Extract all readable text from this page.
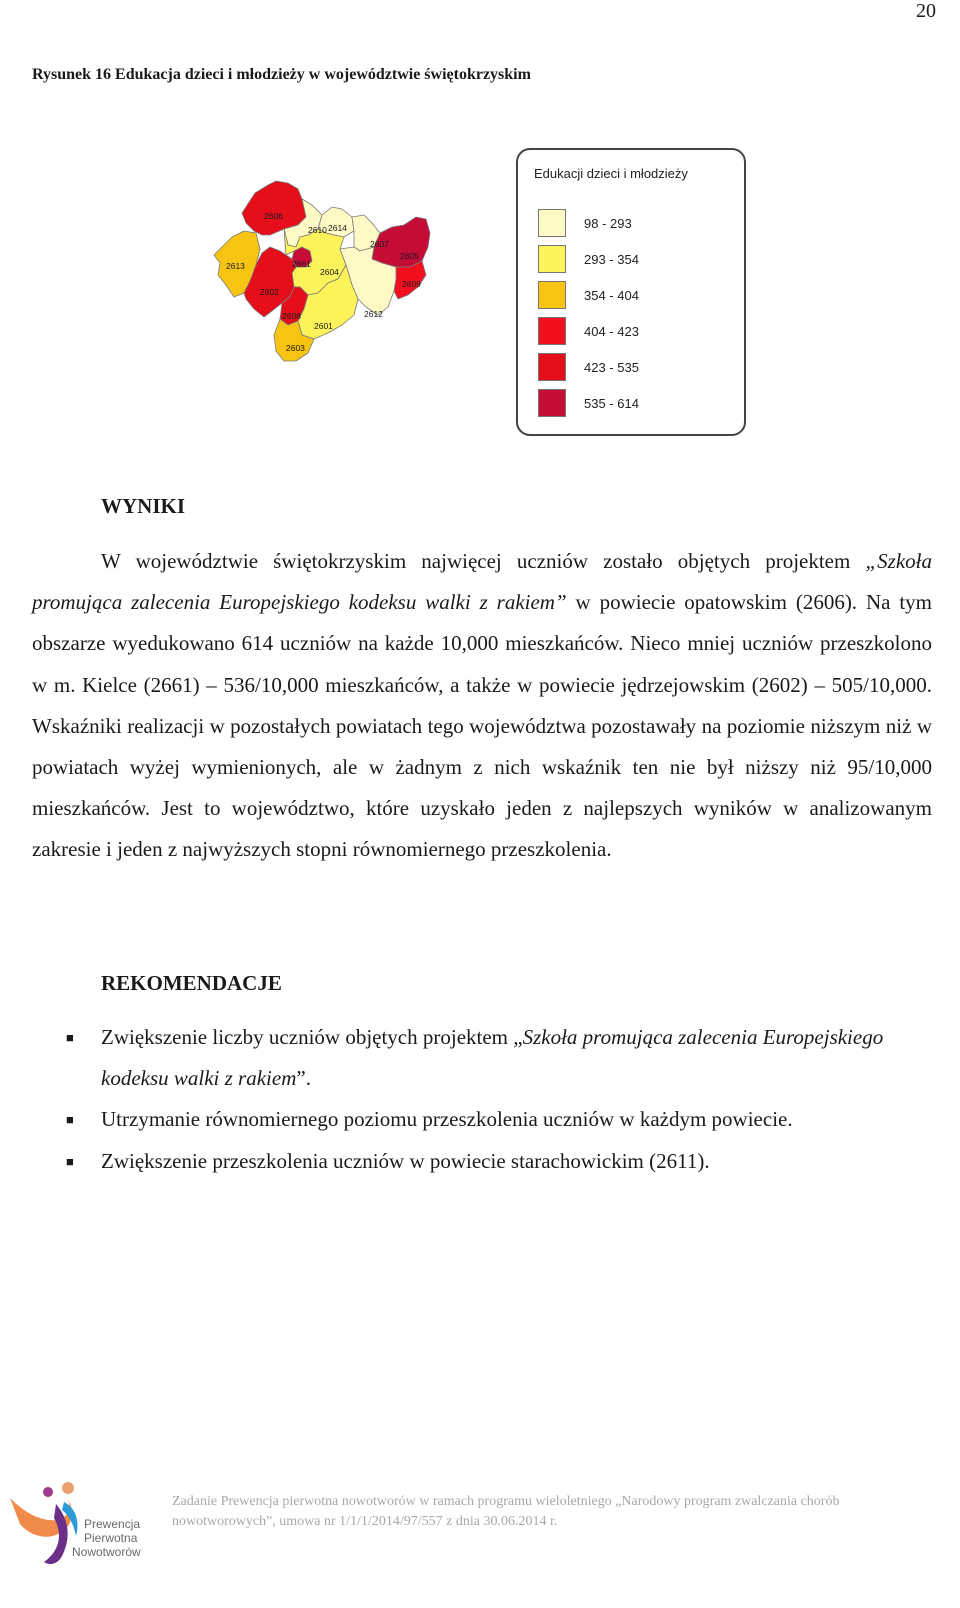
20
Rysunek 16 Edukacja dzieci i młodzieży w województwie świętokrzyskim
2606
2610 2614
2613	2661
2604
2607
2605
2602
2609
2608
2601
2612
2603
Edukacji dzieci i młodzieży
98 - 293
293 - 354
354 - 404
404 - 423
423 - 535
535 - 614
WYNIKI

W województwie świętokrzyskim najwięcej uczniów zostało objętych projektem „Szkoła promująca zalecenia Europejskiego kodeksu walki z rakiem” w powiecie opatowskim (2606). Na tym obszarze wyedukowano 614 uczniów na każde 10,000 mieszkańców. Nieco mniej uczniów przeszkolono w m. Kielce (2661) – 536/10,000 mieszkańców, a także w powiecie jędrzejowskim (2602) – 505/10,000. Wskaźniki realizacji w pozostałych powiatach tego województwa pozostawały na poziomie niższym niż w powiatach wyżej wymienionych, ale w żadnym z nich wskaźnik ten nie był niższy niż 95/10,000 mieszkańców. Jest to województwo, które uzyskało jeden z najlepszych wyników w analizowanym zakresie i jeden z najwyższych stopni równomiernego przeszkolenia.

REKOMENDACJE
■ Zwiększenie liczby uczniów objętych projektem „Szkoła promująca zalecenia Europejskiego kodeksu walki z rakiem”.
■ Utrzymanie równomiernego poziomu przeszkolenia uczniów w każdym powiecie.
■ Zwiększenie przeszkolenia uczniów w powiecie starachowickim (2611).
Prewencja
Pierwotna
Nowotworów
Zadanie Prewencja pierwotna nowotworów w ramach programu wieloletniego „Narodowy program zwalczania chorób
nowotworowych”, umowa nr 1/1/1/2014/97/557 z dnia 30.06.2014 r.
